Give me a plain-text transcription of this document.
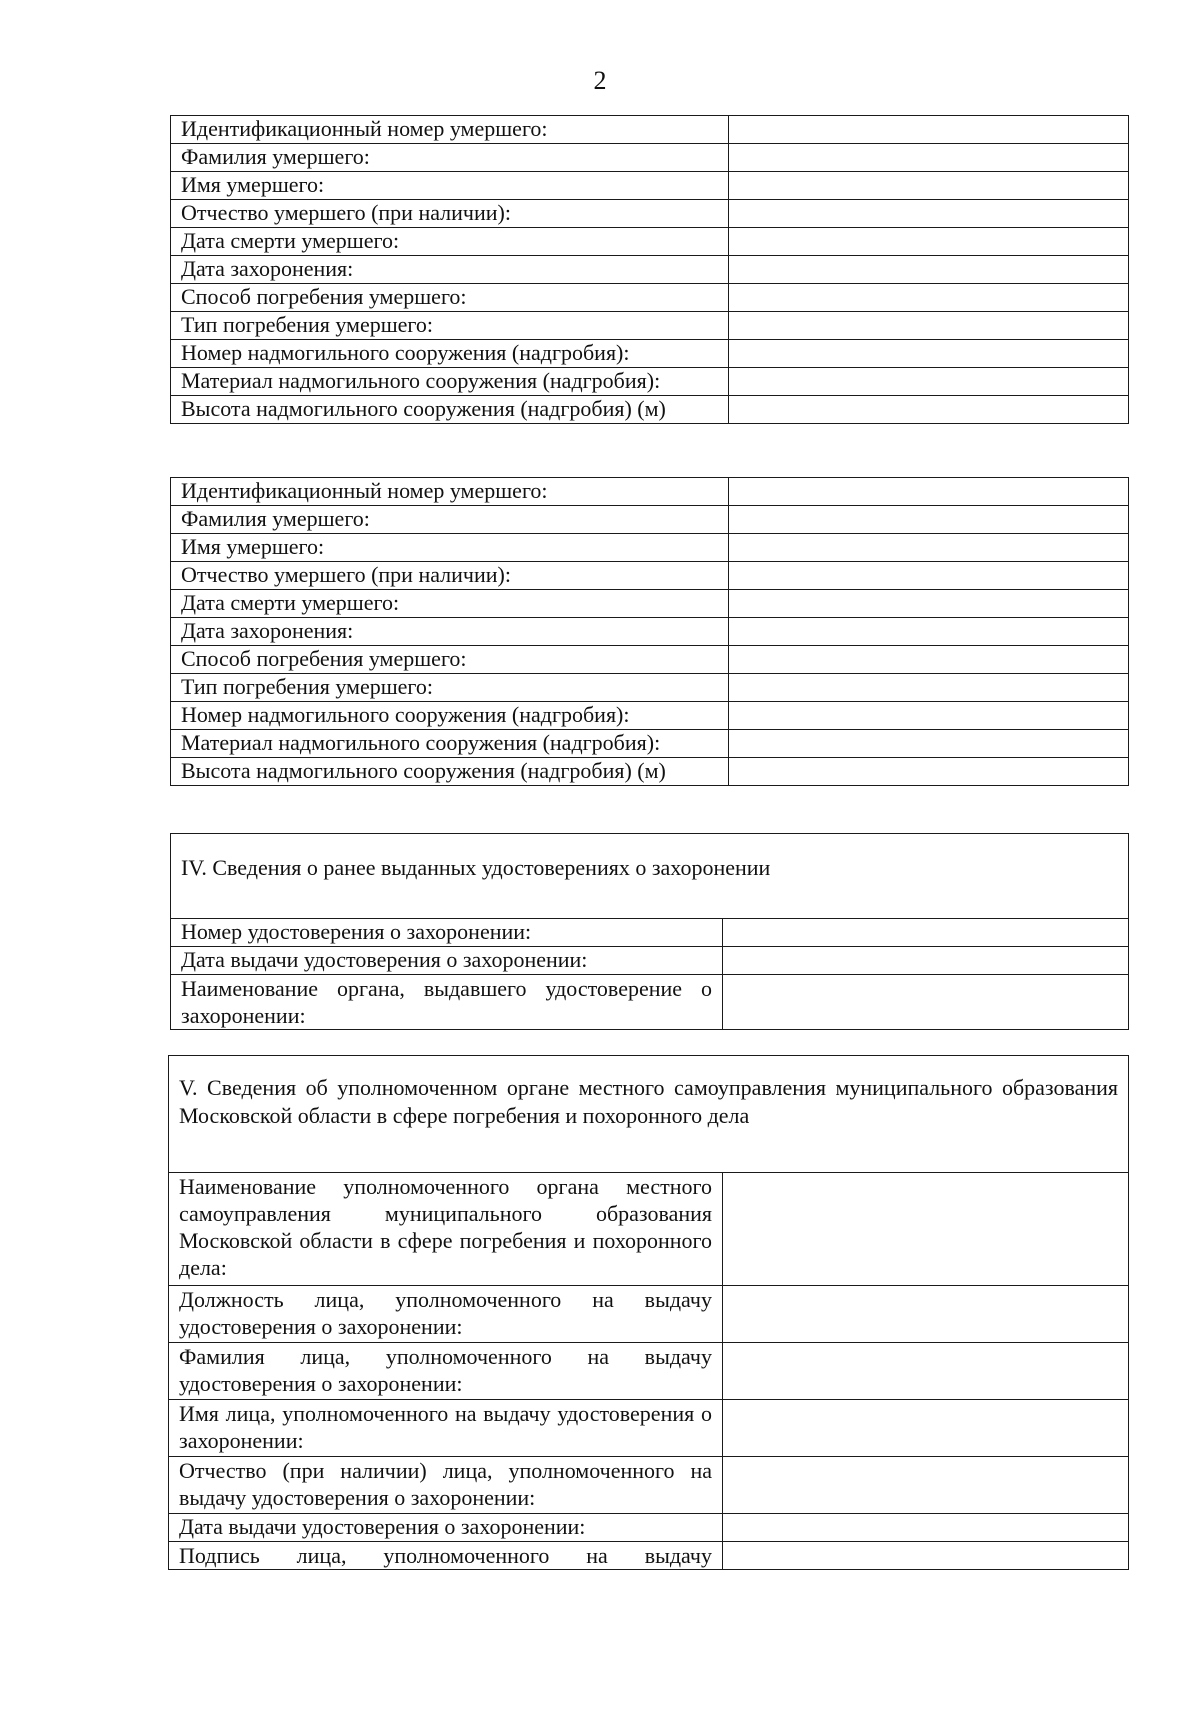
2
Идентификационный номер умершего:	
Фамилия умершего:	
Имя умершего:	
Отчество умершего (при наличии):	
Дата смерти умершего:	
Дата захоронения:	
Способ погребения умершего:	
Тип погребения умершего:	
Номер надмогильного сооружения (надгробия):	
Материал надмогильного сооружения (надгробия):	
Высота надмогильного сооружения (надгробия) (м)	
Идентификационный номер умершего:	
Фамилия умершего:	
Имя умершего:	
Отчество умершего (при наличии):	
Дата смерти умершего:	
Дата захоронения:	
Способ погребения умершего:	
Тип погребения умершего:	
Номер надмогильного сооружения (надгробия):	
Материал надмогильного сооружения (надгробия):	
Высота надмогильного сооружения (надгробия) (м)	
IV. Сведения о ранее выданных удостоверениях о захоронении	
Номер удостоверения о захоронении:	
Дата выдачи удостоверения о захоронении:	
Наименование органа, выдавшего удостоверение о захоронении:	
V. Сведения об уполномоченном органе местного самоуправления муниципального образования Московской области в сфере погребения и похоронного дела	
Наименование уполномоченного органа местного самоуправления муниципального образования Московской области в сфере погребения и похоронного дела:	
Должность лица, уполномоченного на выдачу удостоверения о захоронении:	
Фамилия лица, уполномоченного на выдачу удостоверения о захоронении:	
Имя лица, уполномоченного на выдачу удостоверения о захоронении:	
Отчество (при наличии) лица, уполномоченного на выдачу удостоверения о захоронении:	
Дата выдачи удостоверения о захоронении:	
Подпись лица, уполномоченного на выдачу	
